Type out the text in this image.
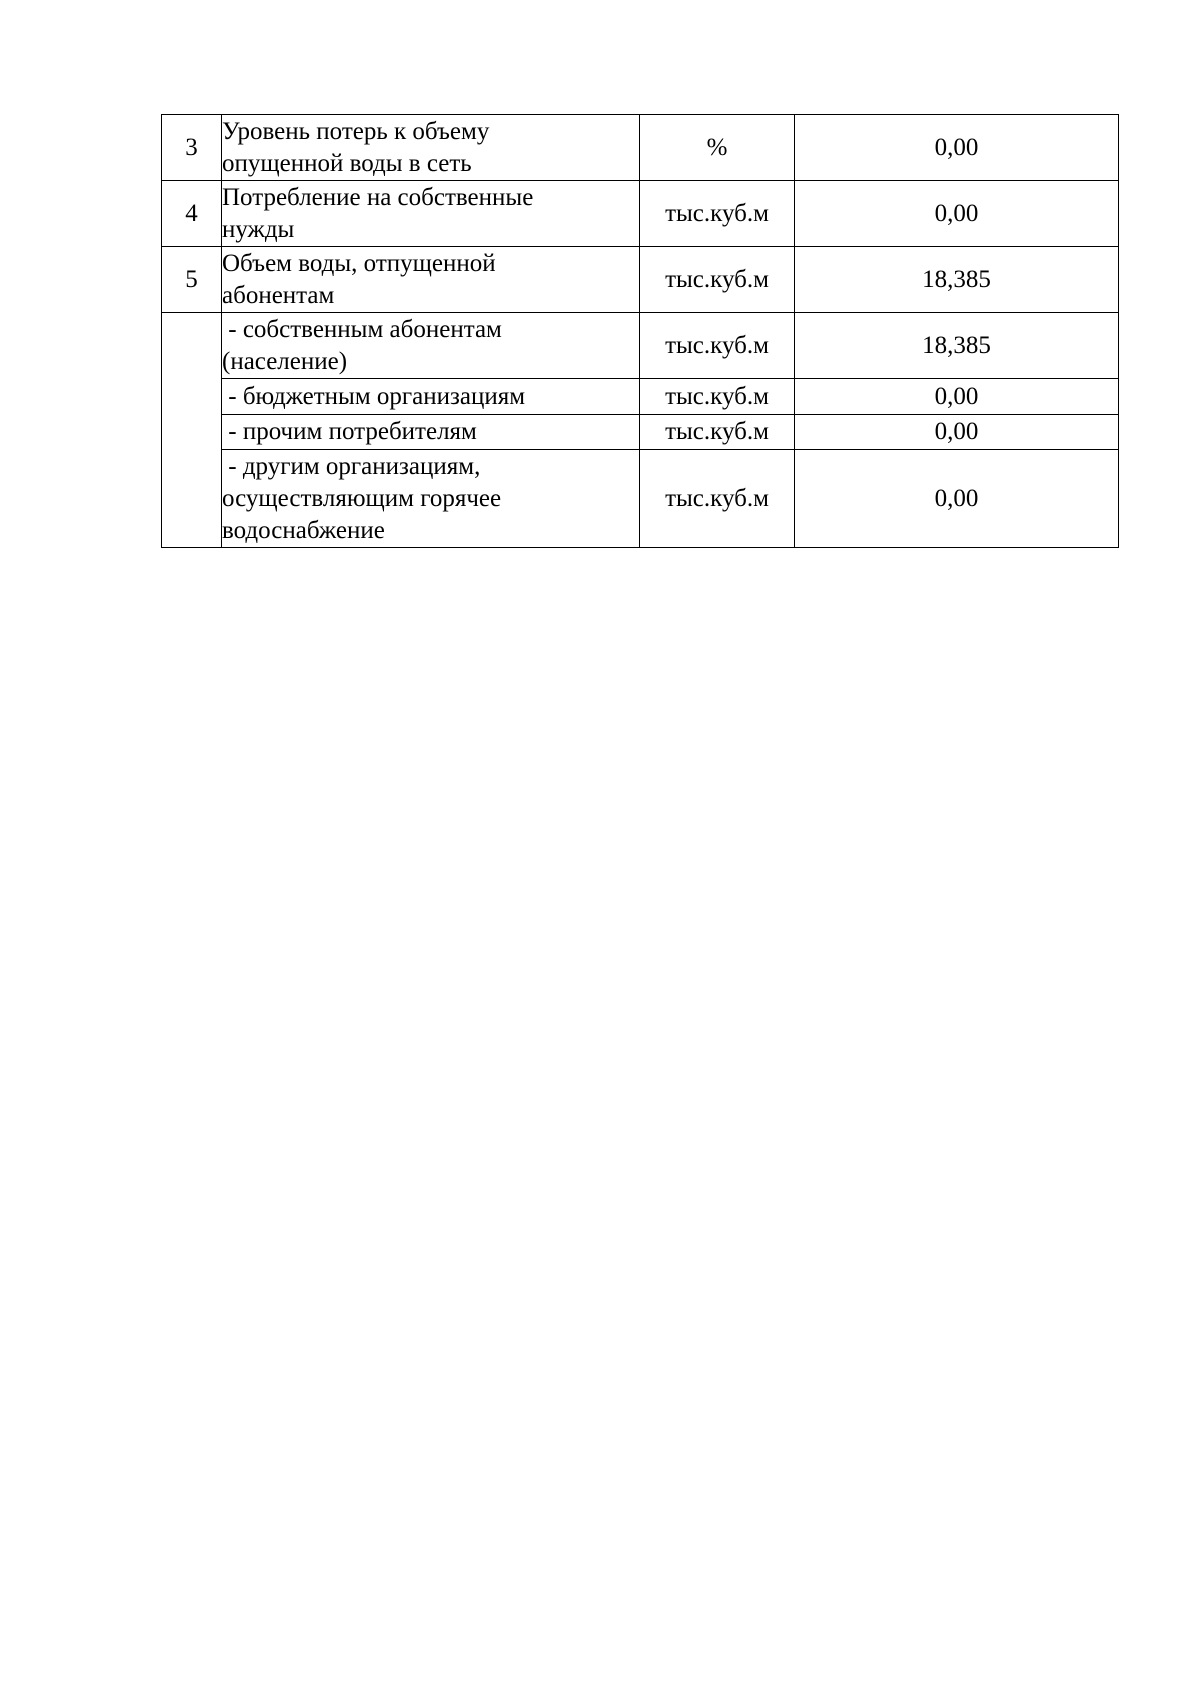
3	Уровень потерь к объему
опущенной воды в сеть	%	0,00
4	Потребление на собственные
нужды	тыс.куб.м	0,00
5	Объем воды, отпущенной
абонентам	тыс.куб.м	18,385

	- собственным абонентам
(население)	тыс.куб.м	18,385

	- бюджетным организациям	тыс.куб.м	0,00

	- прочим потребителям	тыс.куб.м	0,00

	- другим организациям,
осуществляющим горячее
водоснабжение	тыс.куб.м	0,00
